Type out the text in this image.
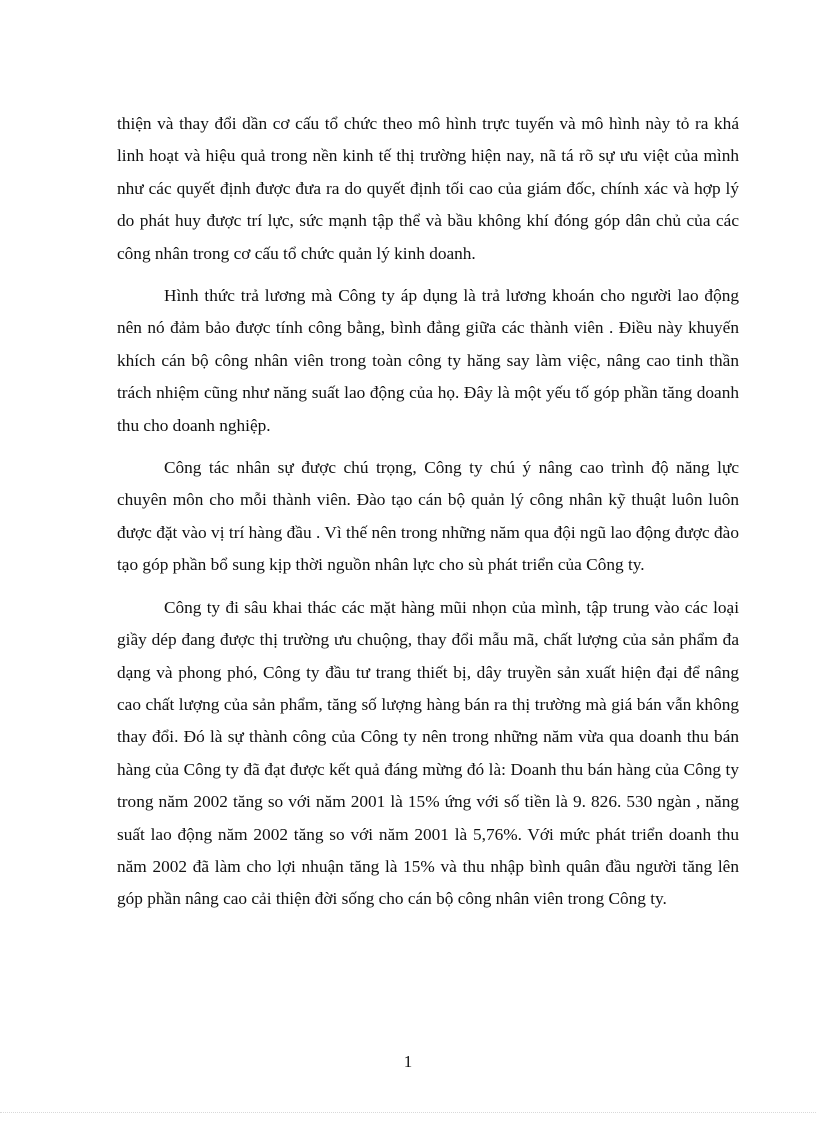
thiện và thay đổi dần cơ cấu tổ chức theo mô hình trực tuyến và mô hình này tỏ ra khá linh hoạt và hiệu quả trong nền kinh tế thị trường hiện nay, nã tá rõ sự ưu việt của mình như các quyết định được đưa ra do quyết định tối cao của giám đốc, chính xác và hợp lý do phát huy được trí lực, sức mạnh tập thể và bầu không khí đóng góp dân chủ của các công nhân trong cơ cấu tổ chức quản lý kinh doanh.

Hình thức trả lương mà Công ty áp dụng là trả lương khoán cho người lao động nên nó đảm bảo được tính công bằng, bình đẳng giữa các thành viên . Điều này khuyến khích cán bộ công nhân viên trong toàn công ty hăng say làm việc, nâng cao tinh thần trách nhiệm cũng như năng suất lao động của họ. Đây là một yếu tố góp phần tăng doanh thu cho doanh nghiệp.

Công tác nhân sự được chú trọng, Công ty chú ý nâng cao trình độ năng lực chuyên môn cho mỗi thành viên. Đào tạo cán bộ quản lý công nhân kỹ thuật luôn luôn được đặt vào vị trí hàng đầu . Vì thế nên trong những năm qua đội ngũ lao động được đào tạo góp phần bổ sung kịp thời nguồn nhân lực cho sù phát triển của Công ty.

Công ty đi sâu khai thác các mặt hàng mũi nhọn của mình, tập trung vào các loại giầy dép đang được thị trường ưu chuộng, thay đổi mẫu mã, chất lượng của sản phẩm đa dạng và phong phó, Công ty đầu tư trang thiết bị, dây truyền sản xuất hiện đại để nâng cao chất lượng của sản phẩm, tăng số lượng hàng bán ra thị trường mà giá bán vẫn không thay đổi. Đó là sự thành công của Công ty nên trong những năm vừa qua doanh thu bán hàng của Công ty đã đạt được kết quả đáng mừng đó là: Doanh thu bán hàng của Công ty trong năm 2002 tăng so với năm 2001 là 15% ứng với số tiền là 9. 826. 530 ngàn , năng suất lao động năm 2002 tăng so với năm 2001 là 5,76%. Với mức phát triển doanh thu năm 2002 đã làm cho lợi nhuận tăng là 15% và thu nhập bình quân đầu người tăng lên góp phần nâng cao cải thiện đời sống cho cán bộ công nhân viên trong Công ty.

1
